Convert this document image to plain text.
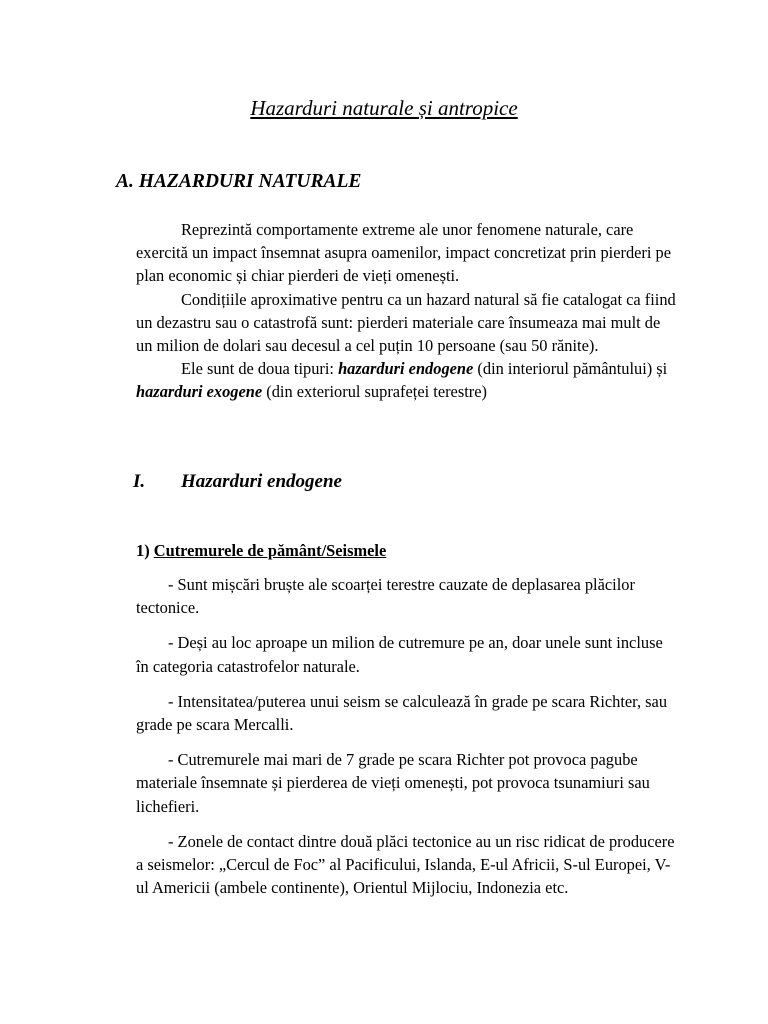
Hazarduri naturale și antropice
A. HAZARDURI NATURALE

Reprezintă comportamente extreme ale unor fenomene naturale, care exercită un impact însemnat asupra oamenilor, impact concretizat prin pierderi pe plan economic și chiar pierderi de vieți omenești.

Condițiile aproximative pentru ca un hazard natural să fie catalogat ca fiind un dezastru sau o catastrofă sunt: pierderi materiale care însumeaza mai mult de un milion de dolari sau decesul a cel puțin 10 persoane (sau 50 rănite).

Ele sunt de doua tipuri: hazarduri endogene (din interiorul pământului) și hazarduri exogene (din exteriorul suprafeței terestre)

I. Hazarduri endogene
1) Cutremurele de pământ/Seismele

- Sunt mișcări bruște ale scoarței terestre cauzate de deplasarea plăcilor tectonice.

- Deși au loc aproape un milion de cutremure pe an, doar unele sunt incluse în categoria catastrofelor naturale.

- Intensitatea/puterea unui seism se calculează în grade pe scara Richter, sau grade pe scara Mercalli.

- Cutremurele mai mari de 7 grade pe scara Richter pot provoca pagube materiale însemnate și pierderea de vieți omenești, pot provoca tsunamiuri sau lichefieri.

- Zonele de contact dintre două plăci tectonice au un risc ridicat de producere a seismelor: „Cercul de Foc” al Pacificului, Islanda, E-ul Africii, S-ul Europei, V-ul Americii (ambele continente), Orientul Mijlociu, Indonezia etc.
